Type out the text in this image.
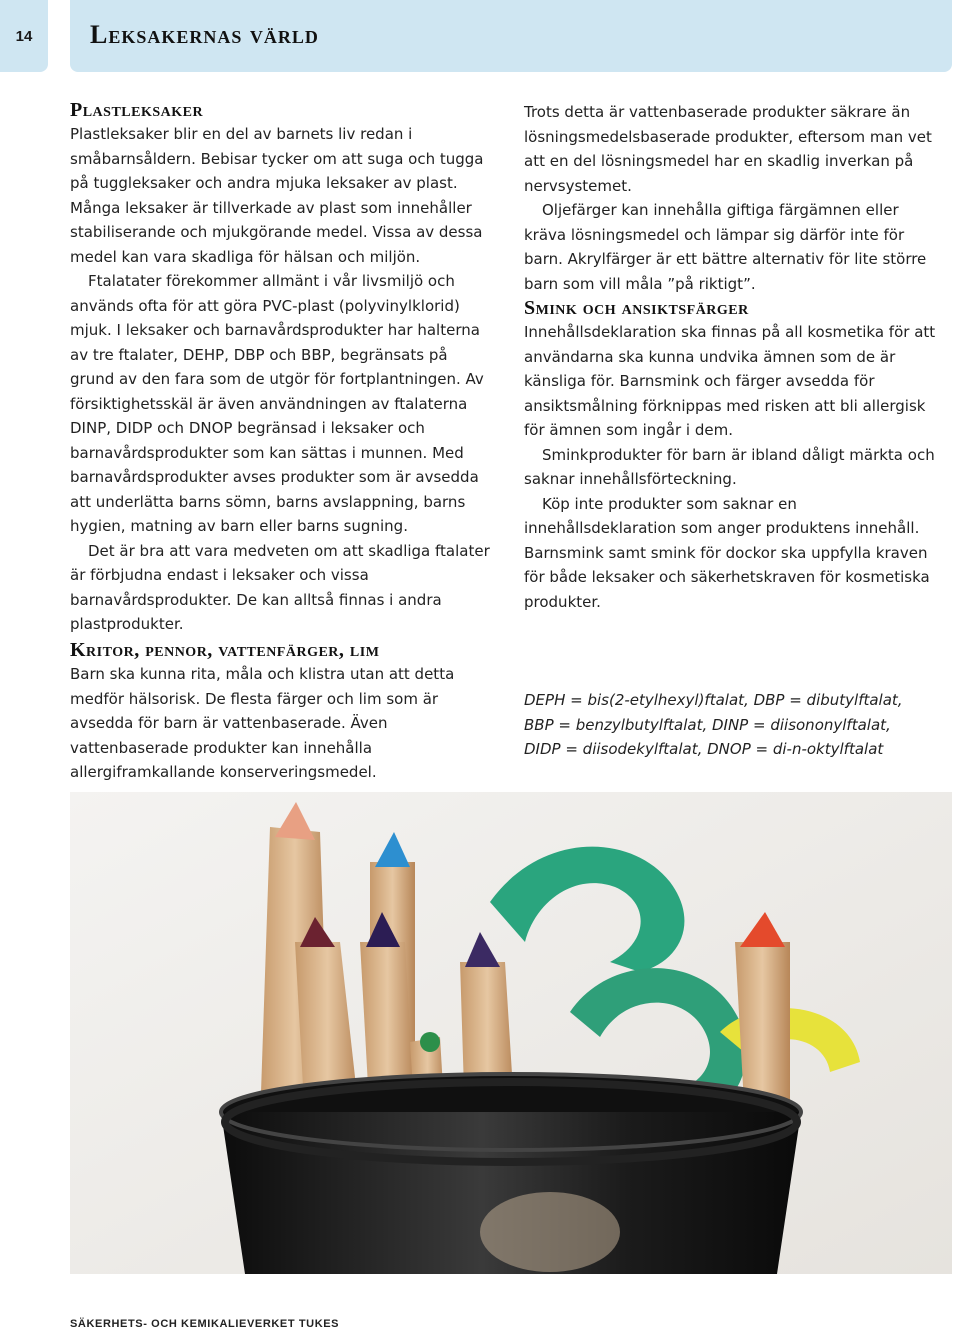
14 Leksakernas värld
Plastleksaker

Plastleksaker blir en del av barnets liv redan i småbarnsåldern. Bebisar tycker om att suga och tugga på tuggleksaker och andra mjuka leksaker av plast. Många leksaker är tillverkade av plast som innehåller stabiliserande och mjukgörande medel. Vissa av dessa medel kan vara skadliga för hälsan och miljön.

Ftalatater förekommer allmänt i vår livsmiljö och används ofta för att göra PVC-plast (polyvinylklorid) mjuk. I leksaker och barnavårdsprodukter har halterna av tre ftalater, DEHP, DBP och BBP, begränsats på grund av den fara som de utgör för fortplantningen. Av försiktighetsskäl är även användningen av ftalaterna DINP, DIDP och DNOP begränsad i leksaker och barnavårdsprodukter som kan sättas i munnen. Med barnavårdsprodukter avses produkter som är avsedda att underlätta barns sömn, barns avslappning, barns hygien, matning av barn eller barns sugning.

Det är bra att vara medveten om att skadliga ftalater är förbjudna endast i leksaker och vissa barnavårdsprodukter. De kan alltså finnas i andra plastprodukter.

Trots detta är vattenbaserade produkter säkrare än lösningsmedelsbaserade produkter, eftersom man vet att en del lösningsmedel har en skadlig inverkan på nervsystemet.

Oljefärger kan innehålla giftiga färgämnen eller kräva lösningsmedel och lämpar sig därför inte för barn. Akrylfärger är ett bättre alternativ för lite större barn som vill måla ”på riktigt”.

Smink och ansiktsfärger

Innehållsdeklaration ska finnas på all kosmetika för att användarna ska kunna undvika ämnen som de är känsliga för. Barnsmink och färger avsedda för ansiktsmålning förknippas med risken att bli allergisk för ämnen som ingår i dem.

Sminkprodukter för barn är ibland dåligt märkta och saknar innehållsförteckning.

Köp inte produkter som saknar en innehållsdeklaration som anger produktens innehåll. Barnsmink samt smink för dockor ska uppfylla kraven för både leksaker och säkerhetskraven för kosmetiska produkter.

Kritor, pennor, vattenfärger, lim

Barn ska kunna rita, måla och klistra utan att detta medför hälsorisk. De flesta färger och lim som är avsedda för barn är vattenbaserade. Även vattenbaserade produkter kan innehålla allergiframkallande konserveringsmedel.

DEPH = bis(2-etylhexyl)ftalat, DBP = dibutylftalat,
BBP = benzylbutylftalat, DINP = diisononylftalat,
DIDP = diisodekylftalat, DNOP = di-n-oktylftalat
SÄKERHETS- OCH KEMIKALIEVERKET TUKES
